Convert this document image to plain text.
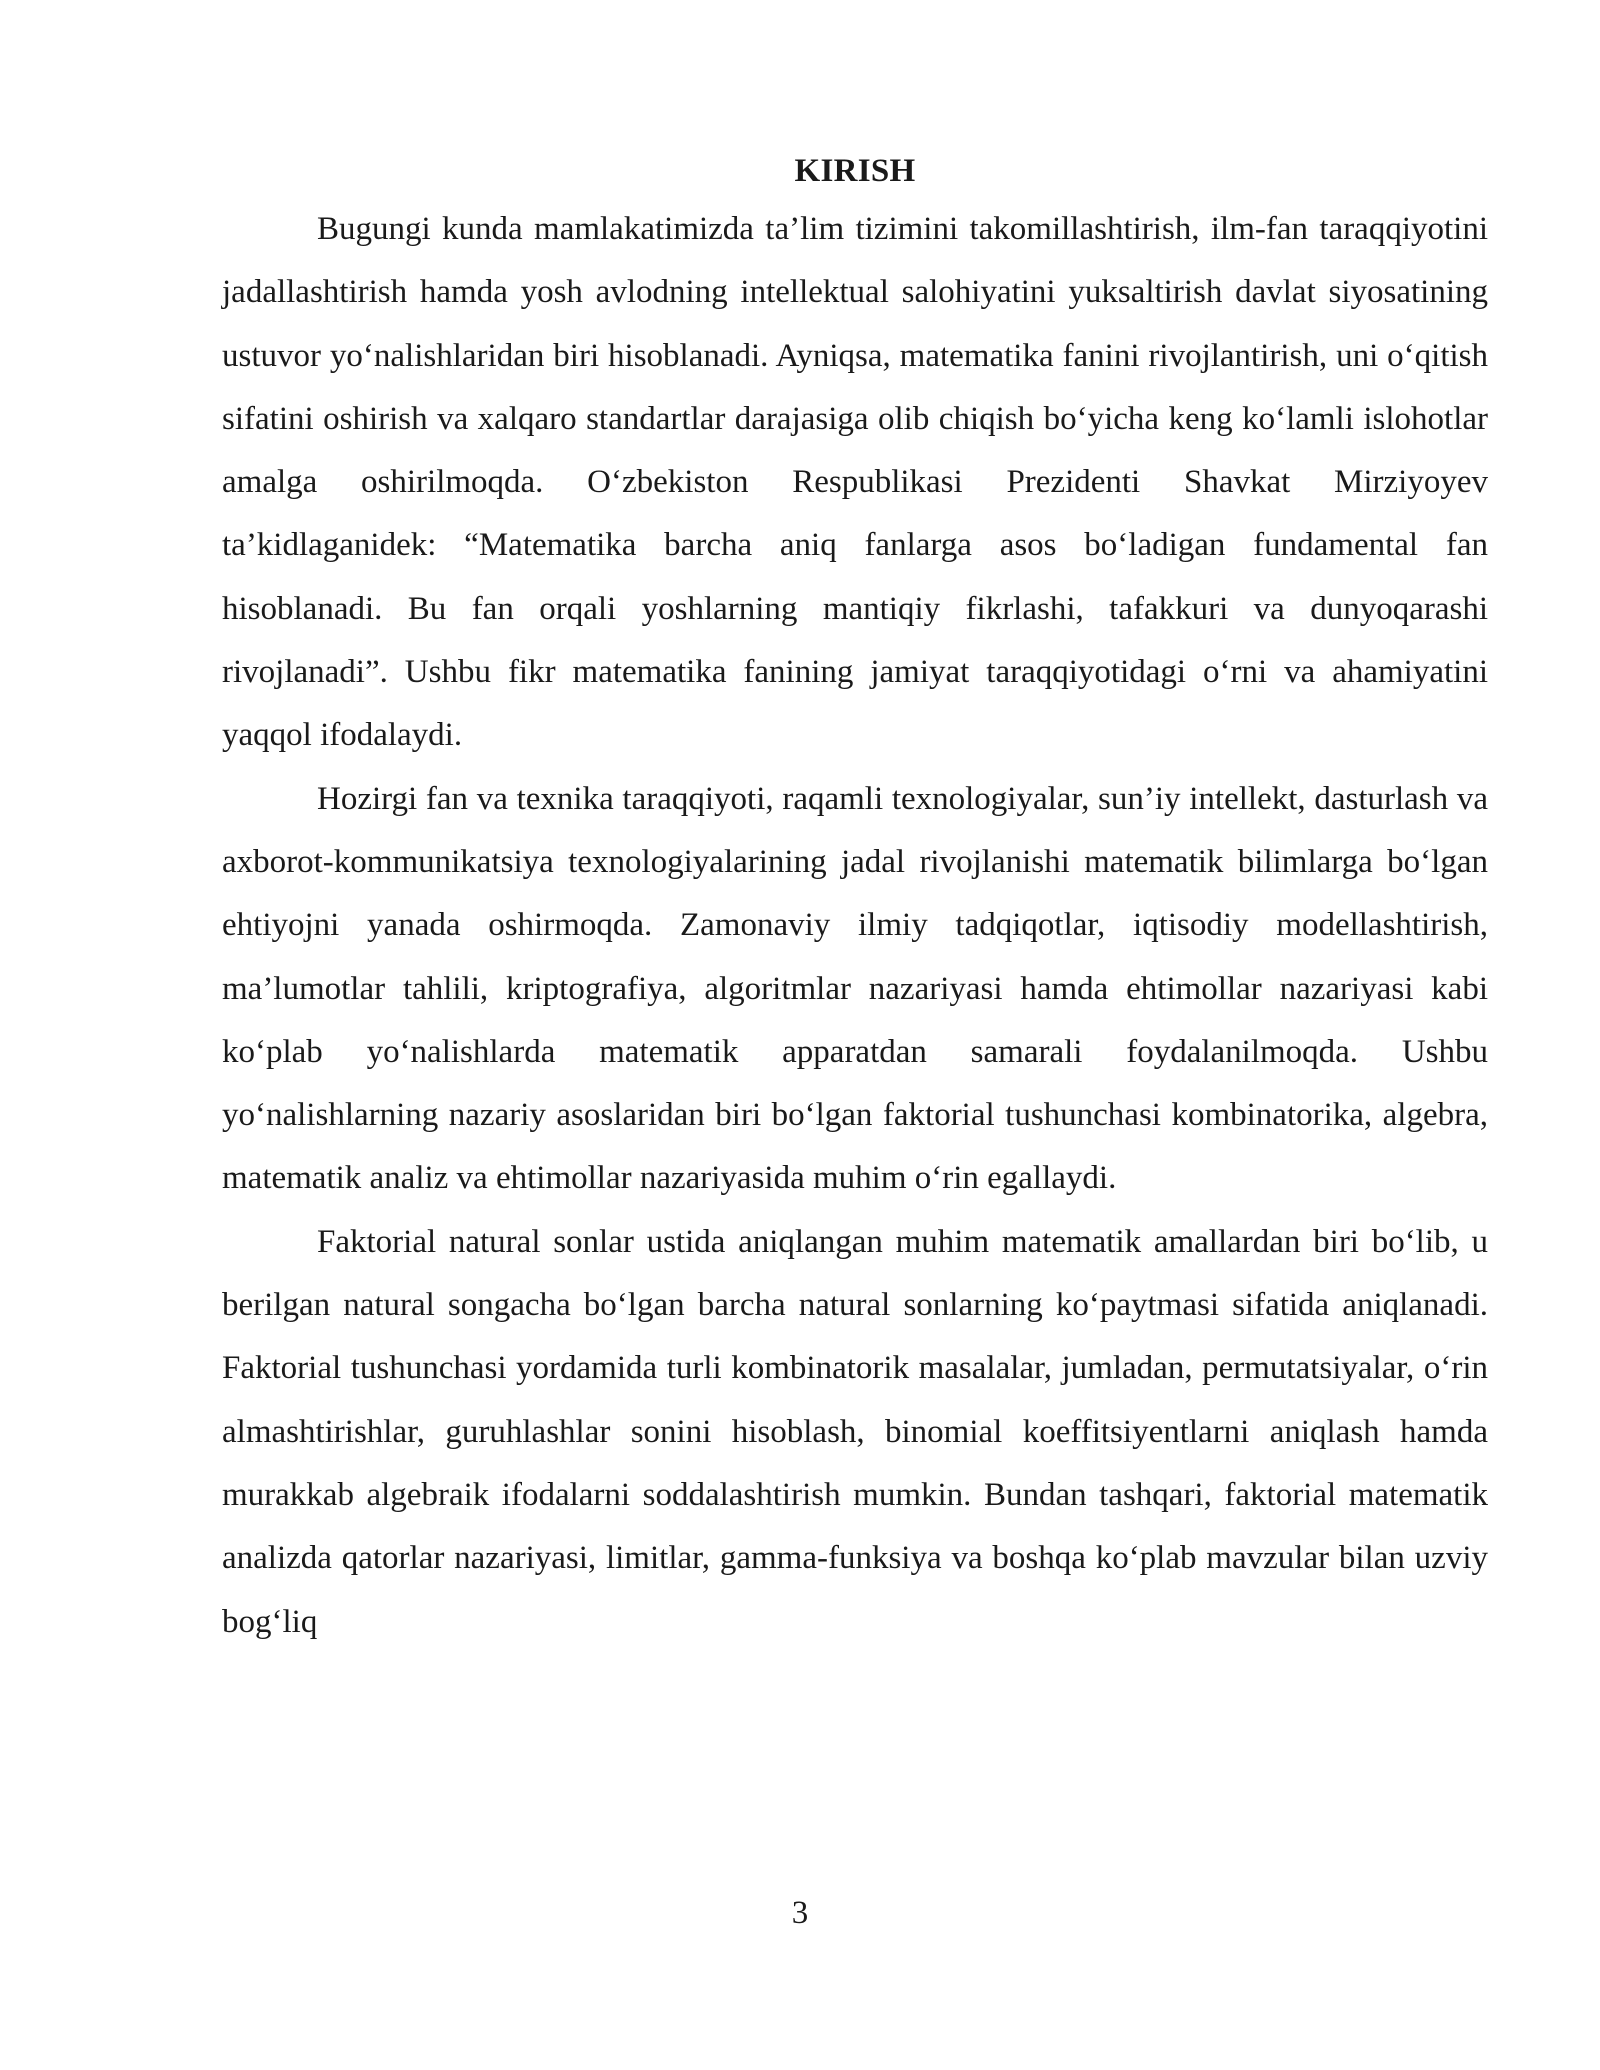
KIRISH

Bugungi kunda mamlakatimizda ta’lim tizimini takomillashtirish, ilm-fan taraqqiyotini jadallashtirish hamda yosh avlodning intellektual salohiyatini yuksaltirish davlat siyosatining ustuvor yo‘nalishlaridan biri hisoblanadi. Ayniqsa, matematika fanini rivojlantirish, uni o‘qitish sifatini oshirish va xalqaro standartlar darajasiga olib chiqish bo‘yicha keng ko‘lamli islohotlar amalga oshirilmoqda. O‘zbekiston Respublikasi Prezidenti Shavkat Mirziyoyev ta’kidlaganidek: “Matematika barcha aniq fanlarga asos bo‘ladigan fundamental fan hisoblanadi. Bu fan orqali yoshlarning mantiqiy fikrlashi, tafakkuri va dunyoqarashi rivojlanadi”. Ushbu fikr matematika fanining jamiyat taraqqiyotidagi o‘rni va ahamiyatini yaqqol ifodalaydi.

Hozirgi fan va texnika taraqqiyoti, raqamli texnologiyalar, sun’iy intellekt, dasturlash va axborot-kommunikatsiya texnologiyalarining jadal rivojlanishi matematik bilimlarga bo‘lgan ehtiyojni yanada oshirmoqda. Zamonaviy ilmiy tadqiqotlar, iqtisodiy modellashtirish, ma’lumotlar tahlili, kriptografiya, algoritmlar nazariyasi hamda ehtimollar nazariyasi kabi ko‘plab yo‘nalishlarda matematik apparatdan samarali foydalanilmoqda. Ushbu yo‘nalishlarning nazariy asoslaridan biri bo‘lgan faktorial tushunchasi kombinatorika, algebra, matematik analiz va ehtimollar nazariyasida muhim o‘rin egallaydi.

Faktorial natural sonlar ustida aniqlangan muhim matematik amallardan biri bo‘lib, u berilgan natural songacha bo‘lgan barcha natural sonlarning ko‘paytmasi sifatida aniqlanadi. Faktorial tushunchasi yordamida turli kombinatorik masalalar, jumladan, permutatsiyalar, o‘rin almashtirishlar, guruhlashlar sonini hisoblash, binomial koeffitsiyentlarni aniqlash hamda murakkab algebraik ifodalarni soddalashtirish mumkin. Bundan tashqari, faktorial matematik analizda qatorlar nazariyasi, limitlar, gamma-funksiya va boshqa ko‘plab mavzular bilan uzviy bog‘liq

3
